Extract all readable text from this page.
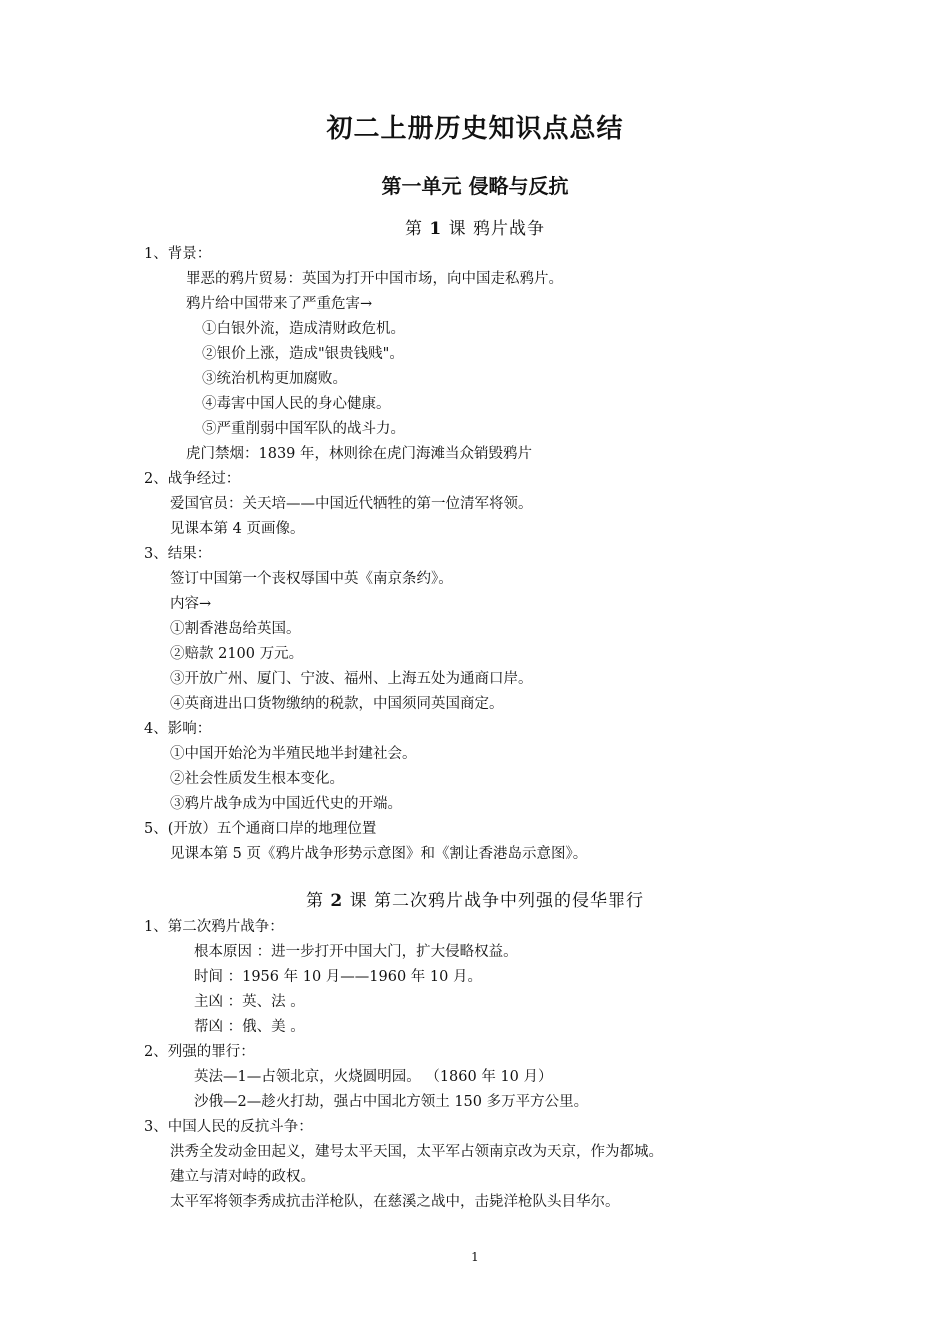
初二上册历史知识点总结
第一单元 侵略与反抗
第 1 课 鸦片战争
1、背景：
罪恶的鸦片贸易：英国为打开中国市场，向中国走私鸦片。
鸦片给中国带来了严重危害→
①白银外流，造成清财政危机。
②银价上涨，造成"银贵钱贱"。
③统治机构更加腐败。
④毒害中国人民的身心健康。
⑤严重削弱中国军队的战斗力。
虎门禁烟：1839 年，林则徐在虎门海滩当众销毁鸦片
2、战争经过：
爱国官员：关天培——中国近代牺牲的第一位清军将领。
见课本第 4 页画像。
3、结果：
签订中国第一个丧权辱国中英《南京条约》。
内容→
①割香港岛给英国。
②赔款 2100 万元。
③开放广州、厦门、宁波、福州、上海五处为通商口岸。
④英商进出口货物缴纳的税款，中国须同英国商定。
4、影响：
①中国开始沦为半殖民地半封建社会。
②社会性质发生根本变化。
③鸦片战争成为中国近代史的开端。
5、(开放）五个通商口岸的地理位置
见课本第 5 页《鸦片战争形势示意图》和《割让香港岛示意图》。
第 2 课 第二次鸦片战争中列强的侵华罪行
1、第二次鸦片战争：
根本原因 ：进一步打开中国大门，扩大侵略权益。
时间 ：1956 年 10 月——1960 年 10 月。
主凶 ：英、法 。
帮凶 ：俄、美 。
2、列强的罪行：
英法—1—占领北京，火烧圆明园。 （1860 年 10 月）
沙俄—2—趁火打劫，强占中国北方领土 150 多万平方公里。
3、中国人民的反抗斗争：
洪秀全发动金田起义，建号太平天国，太平军占领南京改为天京，作为都城。
建立与清对峙的政权。
太平军将领李秀成抗击洋枪队，在慈溪之战中，击毙洋枪队头目华尔。
1
